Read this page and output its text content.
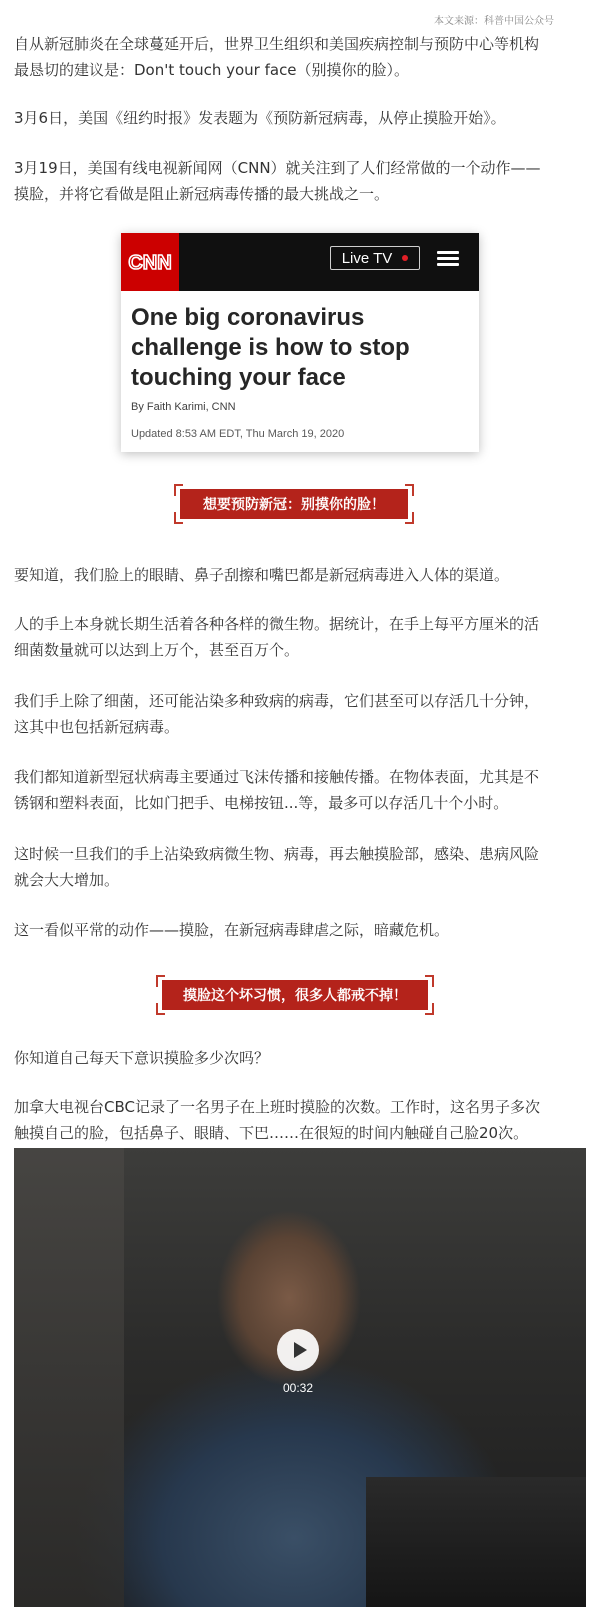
本文来源：科普中国公众号
自从新冠肺炎在全球蔓延开后，世界卫生组织和美国疾病控制与预防中心等机构
最恳切的建议是：Don't touch your face（别摸你的脸）。
3月6日，美国《纽约时报》发表题为《预防新冠病毒，从停止摸脸开始》。
3月19日，美国有线电视新闻网（CNN）就关注到了人们经常做的一个动作——
摸脸，并将它看做是阻止新冠病毒传播的最大挑战之一。
CNN	Live TV
One big coronavirus
challenge is how to stop
touching your face
By Faith Karimi, CNN
Updated 8:53 AM EDT, Thu March 19, 2020
想要预防新冠：别摸你的脸！
要知道，我们脸上的眼睛、鼻子刮擦和嘴巴都是新冠病毒进入人体的渠道。
人的手上本身就长期生活着各种各样的微生物。据统计，在手上每平方厘米的活
细菌数量就可以达到上万个，甚至百万个。
我们手上除了细菌，还可能沾染多种致病的病毒，它们甚至可以存活几十分钟，
这其中也包括新冠病毒。
我们都知道新型冠状病毒主要通过飞沫传播和接触传播。在物体表面，尤其是不
锈钢和塑料表面，比如门把手、电梯按钮...等，最多可以存活几十个小时。
这时候一旦我们的手上沾染致病微生物、病毒，再去触摸脸部，感染、患病风险
就会大大增加。
这一看似平常的动作——摸脸，在新冠病毒肆虐之际，暗藏危机。
摸脸这个坏习惯，很多人都戒不掉！
你知道自己每天下意识摸脸多少次吗？
加拿大电视台CBC记录了一名男子在上班时摸脸的次数。工作时，这名男子多次
触摸自己的脸，包括鼻子、眼睛、下巴……在很短的时间内触碰自己脸20次。
00:32
